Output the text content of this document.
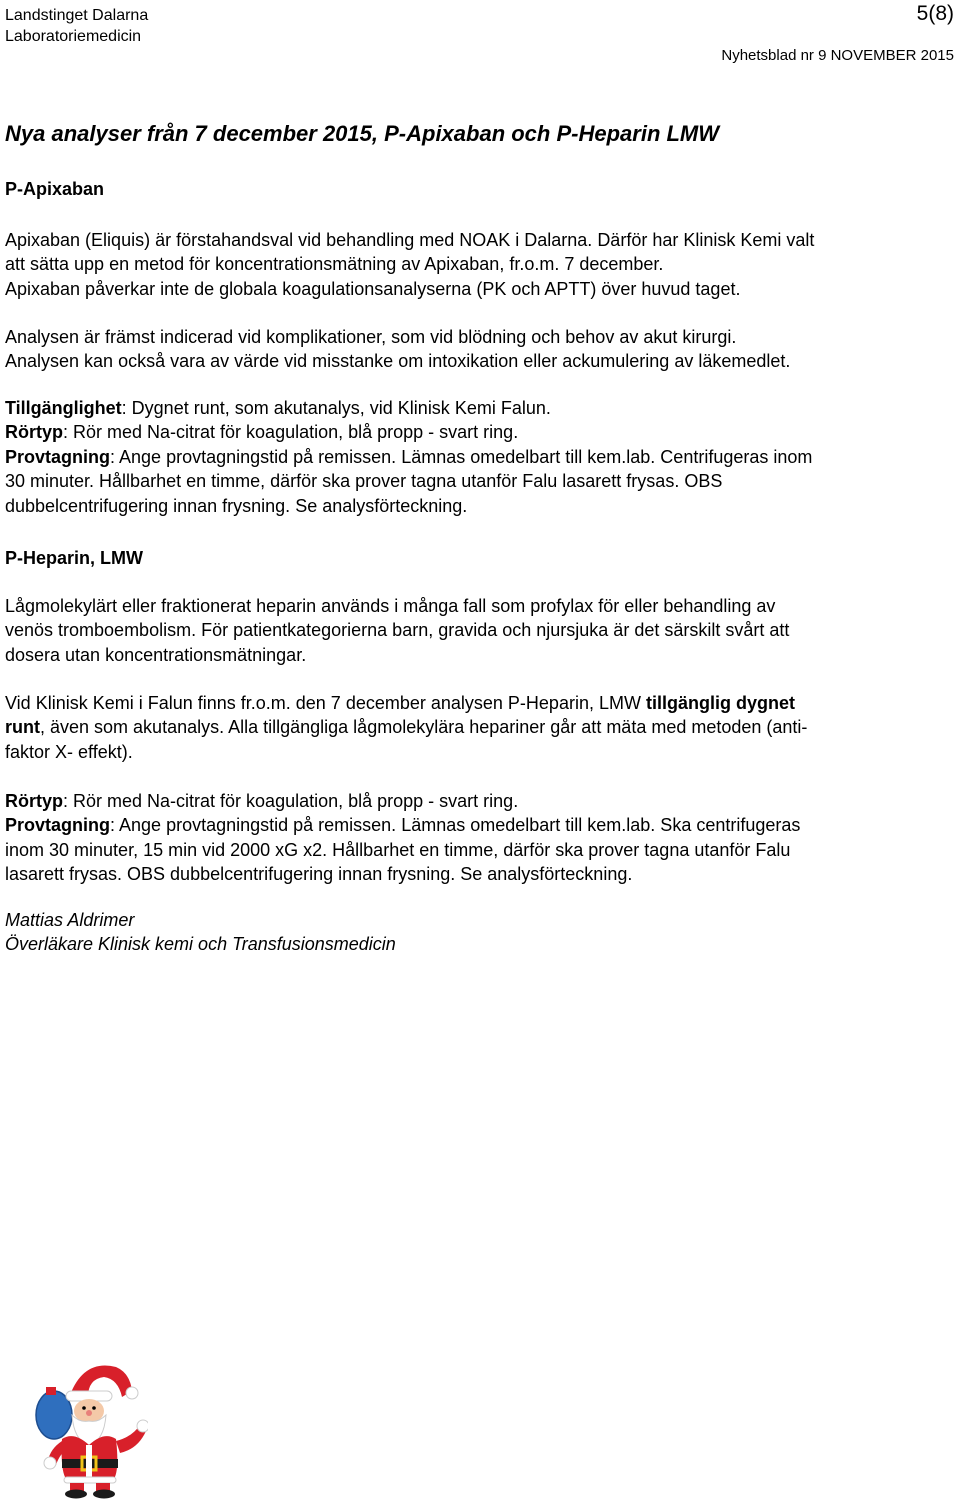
Landstinget Dalarna
Laboratoriemedicin
5(8)
Nyhetsblad nr 9 NOVEMBER 2015
Nya analyser från 7 december 2015, P-Apixaban och P-Heparin LMW
P-Apixaban

Apixaban (Eliquis) är förstahandsval vid behandling med NOAK i Dalarna. Därför har Klinisk Kemi valt
att sätta upp en metod för koncentrationsmätning av Apixaban, fr.o.m. 7 december.
Apixaban påverkar inte de globala koagulationsanalyserna (PK och APTT) över huvud taget.

Analysen är främst indicerad vid komplikationer, som vid blödning och behov av akut kirurgi.
Analysen kan också vara av värde vid misstanke om intoxikation eller ackumulering av läkemedlet.

Tillgänglighet: Dygnet runt, som akutanalys, vid Klinisk Kemi Falun.
Rörtyp: Rör med Na-citrat för koagulation, blå propp - svart ring.
Provtagning: Ange provtagningstid på remissen. Lämnas omedelbart till kem.lab. Centrifugeras inom
30 minuter. Hållbarhet en timme, därför ska prover tagna utanför Falu lasarett frysas. OBS
dubbelcentrifugering innan frysning. Se analysförteckning.

P-Heparin, LMW

Lågmolekylärt eller fraktionerat heparin används i många fall som profylax för eller behandling av
venös tromboembolism. För patientkategorierna barn, gravida och njursjuka är det särskilt svårt att
dosera utan koncentrationsmätningar.

Vid Klinisk Kemi i Falun finns fr.o.m. den 7 december analysen P-Heparin, LMW tillgänglig dygnet
runt, även som akutanalys. Alla tillgängliga lågmolekylära hepariner går att mäta med metoden (anti-
faktor X- effekt).

Rörtyp: Rör med Na-citrat för koagulation, blå propp - svart ring.
Provtagning: Ange provtagningstid på remissen. Lämnas omedelbart till kem.lab. Ska centrifugeras
inom 30 minuter, 15 min vid 2000 xG x2. Hållbarhet en timme, därför ska prover tagna utanför Falu
lasarett frysas. OBS dubbelcentrifugering innan frysning. Se analysförteckning.

Mattias Aldrimer
Överläkare Klinisk kemi och Transfusionsmedicin
